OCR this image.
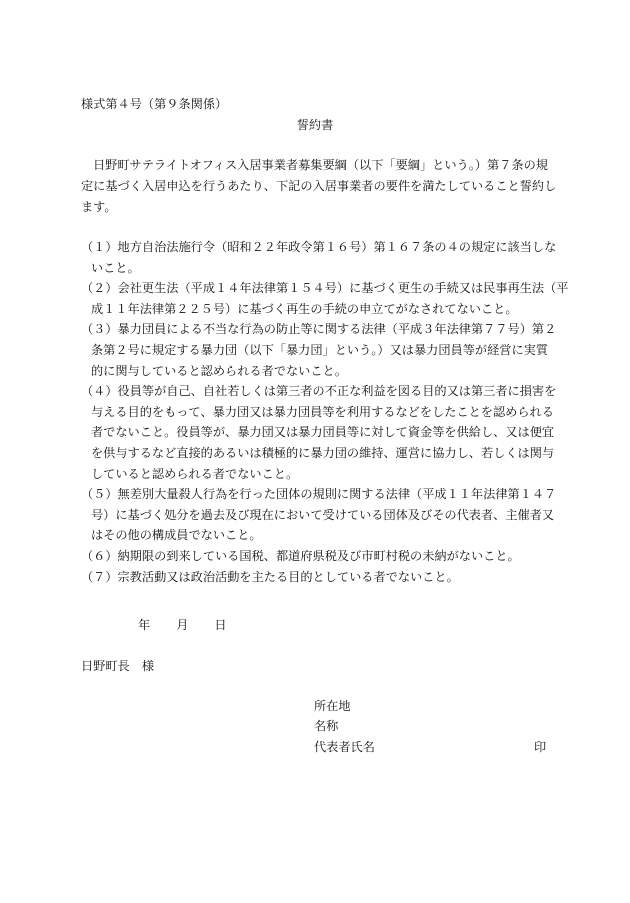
様式第４号（第９条関係）
誓約書
日野町サテライトオフィス入居事業者募集要綱（以下「要綱」という。）第７条の規
定に基づく入居申込を行うあたり、下記の入居事業者の要件を満たしていること誓約し
ます。
（１）地方自治法施行令（昭和２２年政令第１６号）第１６７条の４の規定に該当しな
いこと。
（２）会社更生法（平成１４年法律第１５４号）に基づく更生の手続又は民事再生法（平
成１１年法律第２２５号）に基づく再生の手続の申立てがなされてないこと。
（３）暴力団員による不当な行為の防止等に関する法律（平成３年法律第７７号）第２
条第２号に規定する暴力団（以下「暴力団」という。）又は暴力団員等が経営に実質
的に関与していると認められる者でないこと。
（４）役員等が自己、自社若しくは第三者の不正な利益を図る目的又は第三者に損害を
与える目的をもって、暴力団又は暴力団員等を利用するなどをしたことを認められる
者でないこと。役員等が、暴力団又は暴力団員等に対して資金等を供給し、又は便宜
を供与するなど直接的あるいは積極的に暴力団の維持、運営に協力し、若しくは関与
していると認められる者でないこと。
（５）無差別大量殺人行為を行った団体の規則に関する法律（平成１１年法律第１４７
号）に基づく処分を過去及び現在において受けている団体及びその代表者、主催者又
はその他の構成員でないこと。
（６）納期限の到来している国税、都道府県税及び市町村税の未納がないこと。
（７）宗教活動又は政治活動を主たる目的としている者でないこと。
年 月 日
日野町長　様
所在地
名称
代表者氏名	印
